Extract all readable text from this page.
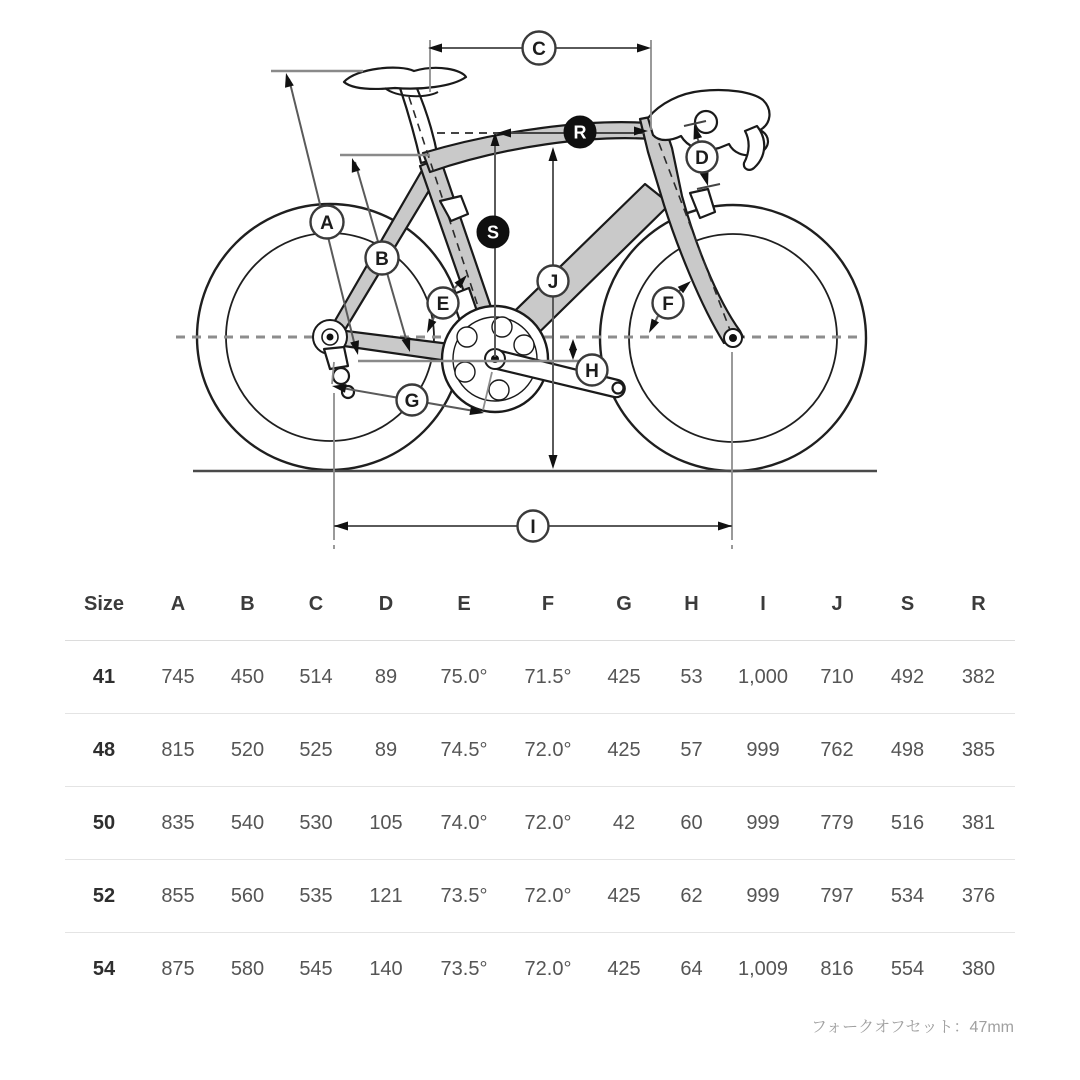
C
A
B
E
S
R
J
D
F
H
G
I
Size	A	B	C	D	E	F	G	H	I	J	S	R
41	745	450	514	89	75.0°	71.5°	425	53	1,000	710	492	382
48	815	520	525	89	74.5°	72.0°	425	57	999	762	498	385
50	835	540	530	105	74.0°	72.0°	42	60	999	779	516	381
52	855	560	535	121	73.5°	72.0°	425	62	999	797	534	376
54	875	580	545	140	73.5°	72.0°	425	64	1,009	816	554	380
フォークオフセット：47mm
